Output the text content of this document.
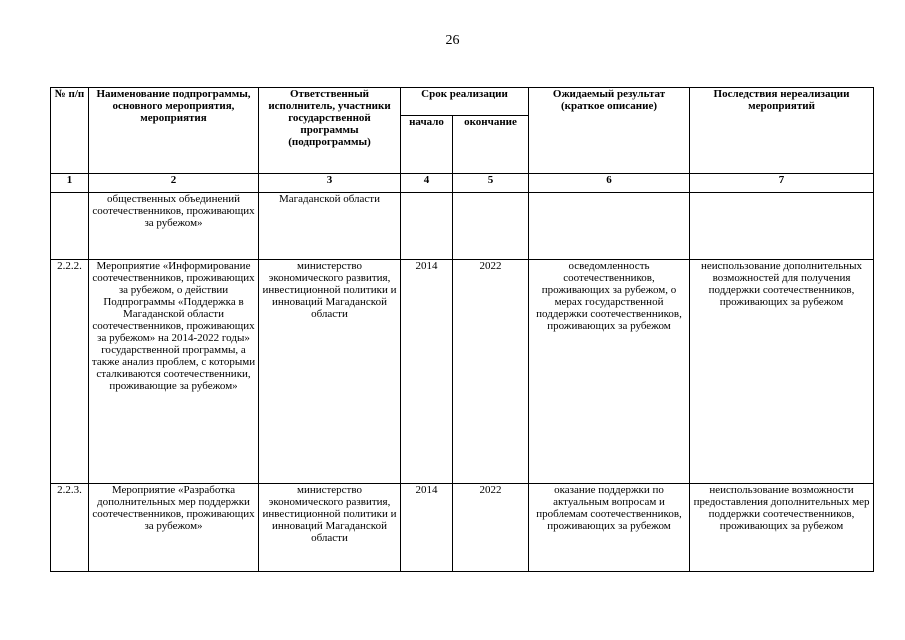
26
№ п/п	Наименование подпрограммы, основного мероприятия, мероприятия	Ответственный исполнитель, участники государственной программы (подпрограммы)	Срок реализации		Ожидаемый результат (краткое описание)	Последствия нереализации мероприятий
			начало	окончание		
1	2	3	4	5	6	7
	общественных объединений соотечественников, проживающих за рубежом»	Магаданской области				
2.2.2.	Мероприятие «Информирование соотечественников, проживающих за рубежом, о действии Подпрограммы «Поддержка в Магаданской области соотечественников, проживающих за рубежом» на 2014-2022 годы» государственной программы, а также анализ проблем, с которыми сталкиваются соотечественники, проживающие за рубежом»	министерство экономического развития, инвестиционной политики и инноваций Магаданской области	2014	2022	осведомленность соотечественников, проживающих за рубежом, о мерах государственной поддержки соотечественников, проживающих за рубежом	неиспользование дополнительных возможностей для получения поддержки соотечественников, проживающих за рубежом
2.2.3.	Мероприятие «Разработка дополнительных мер поддержки соотечественников, проживающих за рубежом»	министерство экономического развития, инвестиционной политики и инноваций Магаданской области	2014	2022	оказание поддержки по актуальным вопросам и проблемам соотечественников, проживающих за рубежом	неиспользование возможности предоставления дополнительных мер поддержки соотечественников, проживающих за рубежом
